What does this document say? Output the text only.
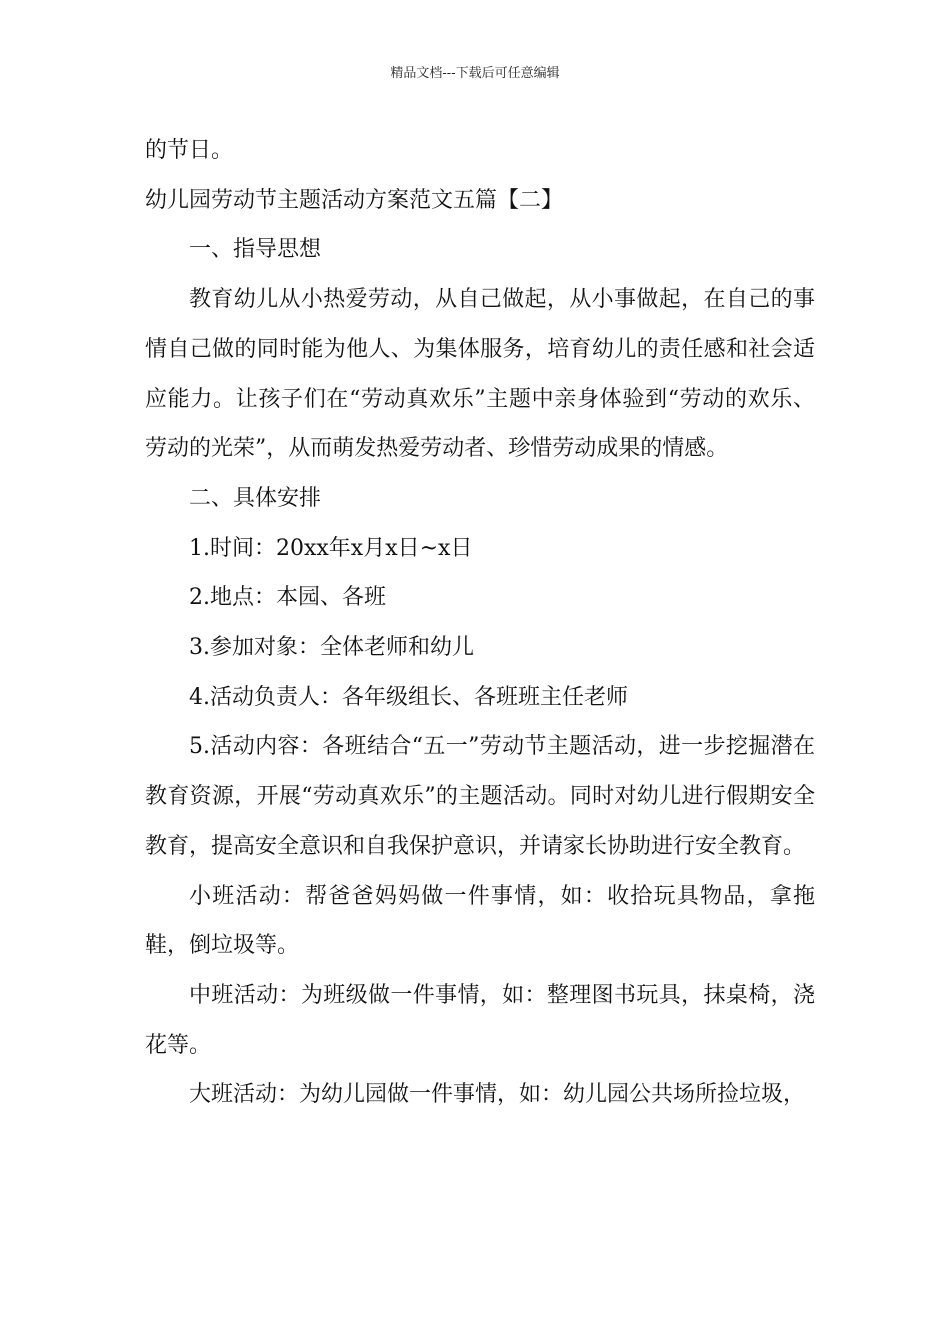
精品文档---下载后可任意编辑

的节日。

幼儿园劳动节主题活动方案范文五篇【二】

一、指导思想

教育幼儿从小热爱劳动，从自己做起，从小事做起，在自己的事情自己做的同时能为他人、为集体服务，培育幼儿的责任感和社会适应能力。让孩子们在“劳动真欢乐”主题中亲身体验到“劳动的欢乐、劳动的光荣”，从而萌发热爱劳动者、珍惜劳动成果的情感。

二、具体安排

1.时间：20xx年x月x日~x日

2.地点：本园、各班

3.参加对象：全体老师和幼儿

4.活动负责人：各年级组长、各班班主任老师

5.活动内容：各班结合“五一”劳动节主题活动，进一步挖掘潜在教育资源，开展“劳动真欢乐”的主题活动。同时对幼儿进行假期安全教育，提高安全意识和自我保护意识，并请家长协助进行安全教育。

小班活动：帮爸爸妈妈做一件事情，如：收拾玩具物品，拿拖鞋，倒垃圾等。

中班活动：为班级做一件事情，如：整理图书玩具，抹桌椅，浇花等。

大班活动：为幼儿园做一件事情，如：幼儿园公共场所捡垃圾，
